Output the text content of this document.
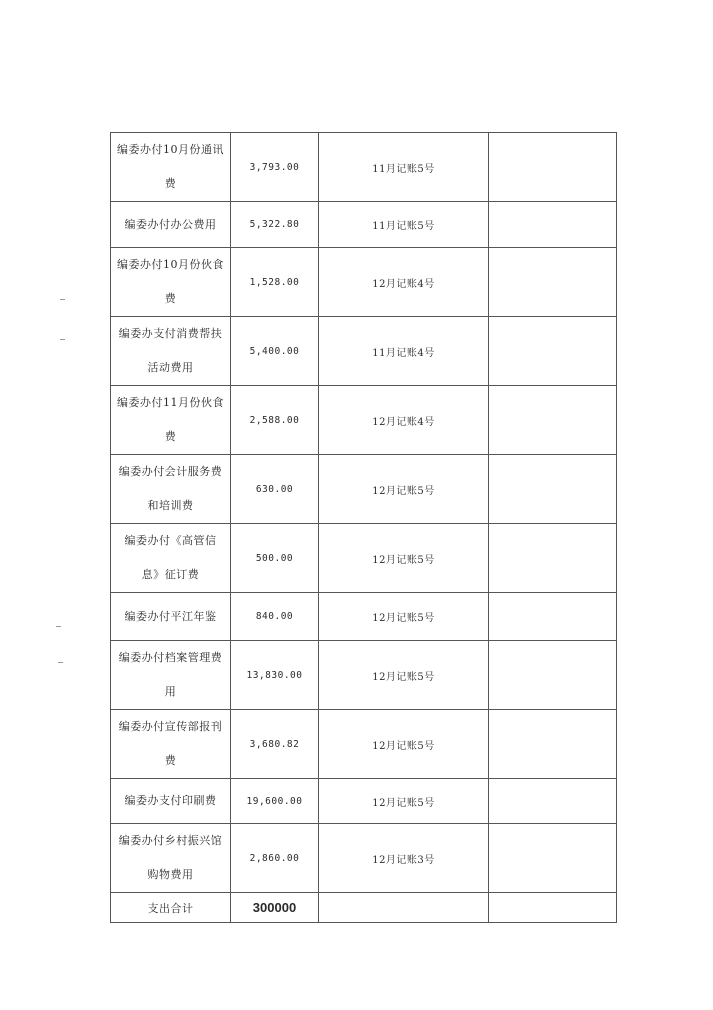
编委办付10月份通讯费	3,793.00	11月记账5号	
编委办付办公费用	5,322.80	11月记账5号	
编委办付10月份伙食费	1,528.00	12月记账4号	
编委办支付消费帮扶活动费用	5,400.00	11月记账4号	
编委办付11月份伙食费	2,588.00	12月记账4号	
编委办付会计服务费和培训费	630.00	12月记账5号	
编委办付《高管信息》征订费	500.00	12月记账5号	
编委办付平江年鉴	840.00	12月记账5号	
编委办付档案管理费用	13,830.00	12月记账5号	
编委办付宣传部报刊费	3,680.82	12月记账5号	
编委办支付印刷费	19,600.00	12月记账5号	
编委办付乡村振兴馆购物费用	2,860.00	12月记账3号	
支出合计	300000		
